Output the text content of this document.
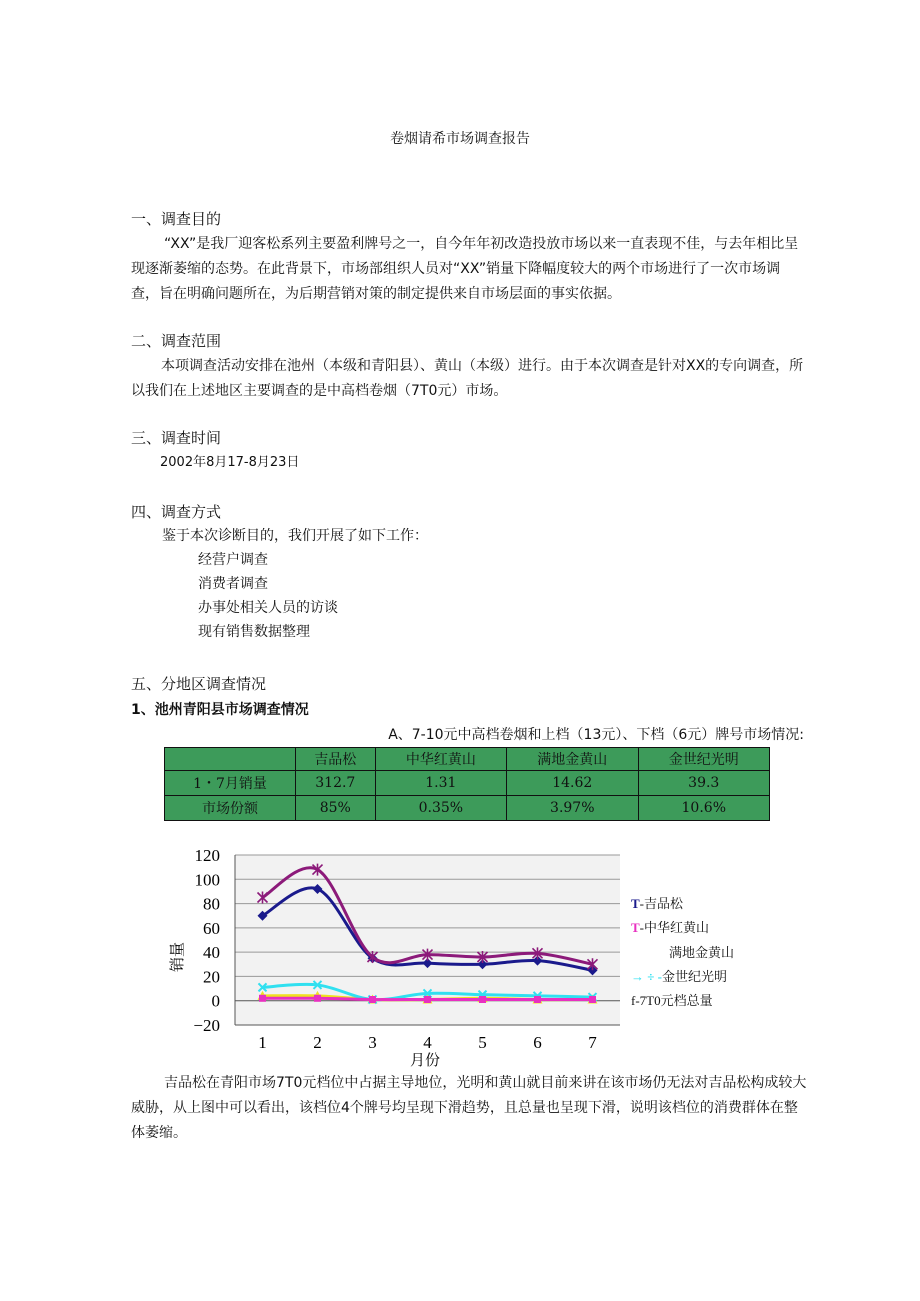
卷烟请希市场调查报告
一、调查目的
“XX”是我厂迎客松系列主要盈利牌号之一，自今年年初改造投放市场以来一直表现不佳，与去年相比呈现逐渐萎缩的态势。在此背景下，市场部组织人员对“XX”销量下降幅度较大的两个市场进行了一次市场调查，旨在明确问题所在，为后期营销对策的制定提供来自市场层面的事实依据。
二、调查范围
本项调查活动安排在池州（本级和青阳县）、黄山（本级）进行。由于本次调查是针对XX的专向调查，所以我们在上述地区主要调查的是中高档卷烟（7T0元）市场。
三、调查时间
2002年8月17-8月23日
四、调查方式
鉴于本次诊断目的，我们开展了如下工作：
经营户调查
消费者调查
办事处相关人员的访谈
现有销售数据整理
五、分地区调查情况
1、池州青阳县市场调查情况
A、7-10元中高档卷烟和上档（13元）、下档（6元）牌号市场情况:
	吉品松	中华红黄山	满地金黄山	金世纪光明
1・7月销量	312.7	1.31	14.62	39.3
市场份额	85%	0.35%	3.97%	10.6%
−20
0
20
40
60
80
100
120
1	2	3	4	5	6	7
销量
月份
T-吉品松
T-中华红黄山
满地金黄山
→ ÷ -金世纪光明
f-7T0元档总量
吉品松在青阳市场7T0元档位中占据主导地位，光明和黄山就目前来讲在该市场仍无法对吉品松构成较大威胁，从上图中可以看出，该档位4个牌号均呈现下滑趋势，且总量也呈现下滑，说明该档位的消费群体在整体萎缩。
